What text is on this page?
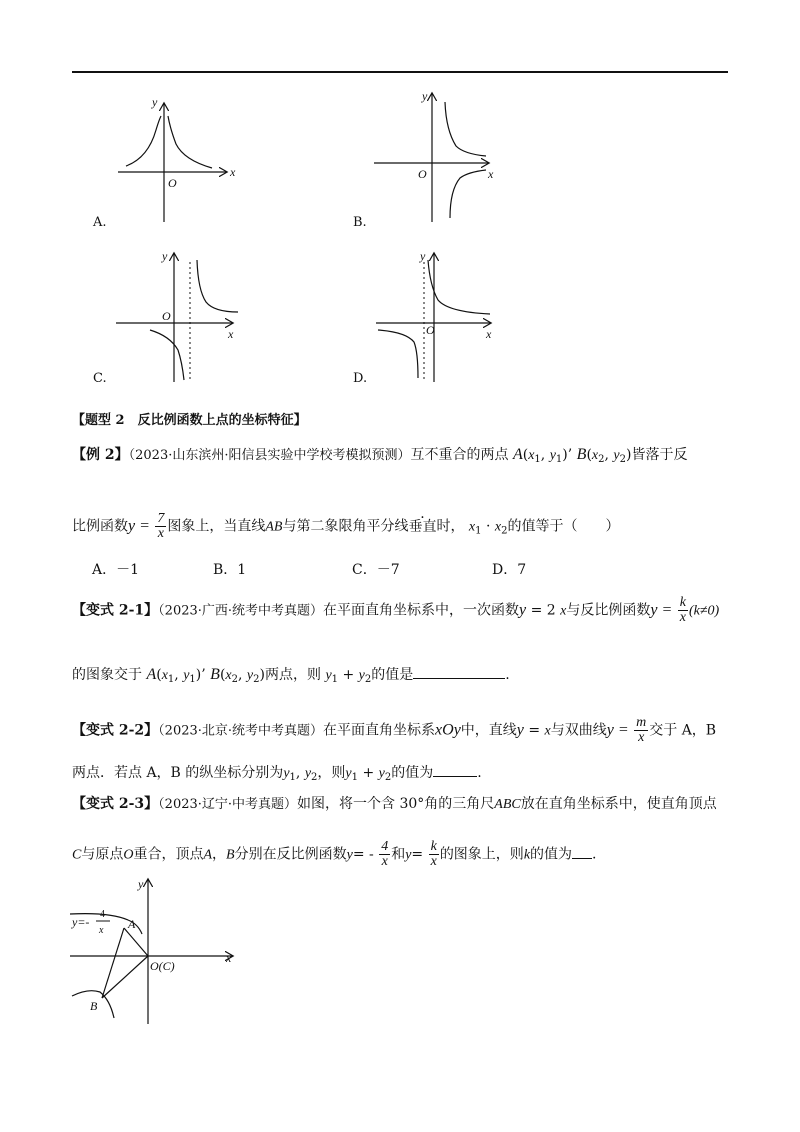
y
x
O
A.
y
x
O
B.
y
x
O
C.
y
x
O
D.
【题型 2　反比例函数上点的坐标特征】
【例 2】（2023·山东滨州·阳信县实验中学校考模拟预测）互不重合的两点 $A(x_1$, $y_1$)’ $B(x_2$, $y_2$)皆落于反
比例函数$y = \frac{7}{x}$ 图象上，当直线AB与第二象限角平分线垂直时， $x_1 \cdot x_2$的值等于（　　）
A．－1	B．1	C．－7	D．7
【变式 2-1】（2023·广西·统考中考真题）在平面直角坐标系中，一次函数y = 2 x与反比例函数$y = \frac{k}{x} (k\ne 0)$
的图象交于 $A(x_1$, $y_1$)’ $B(x_2$, $y_2$)两点，则 $y_1 + y_2$的值是	.
【变式 2-2】（2023·北京·统考中考真题）在平面直角坐标系xOy中，直线y = x与双曲线$y = \frac{m}{x}$ 交于 A，B
两点．若点 A，B 的纵坐标分别为$y_1$, $y_2$，则$y_1 + y_2$的值为	.
【变式 2-3】（2023·辽宁·中考真题）如图，将一个含 30°角的三角尺ABC放在直角坐标系中，使直角顶点
C与原点O重合，顶点A，B分别在反比例函数$y= - \frac{4}{x}$ 和$y= \frac{k}{x}$ 的图象上，则k的值为 .
y=-
4
x A
B
O(C)
x
y
